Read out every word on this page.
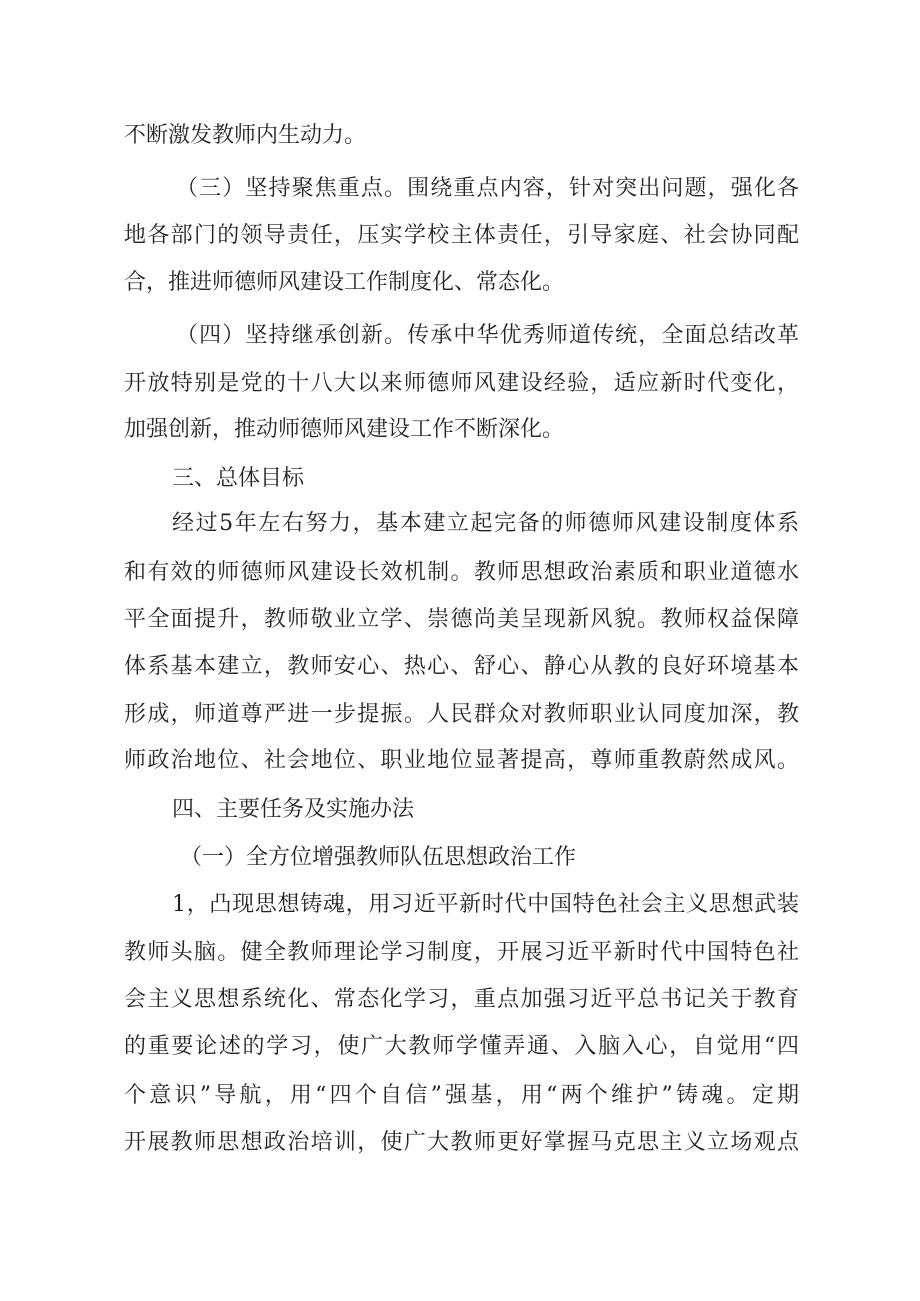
不断激发教师内生动力。
（三）坚持聚焦重点。围绕重点内容，针对突出问题，强化各
地各部门的领导责任，压实学校主体责任，引导家庭、社会协同配
合，推进师德师风建设工作制度化、常态化。
（四）坚持继承创新。传承中华优秀师道传统，全面总结改革
开放特别是党的十八大以来师德师风建设经验，适应新时代变化，
加强创新，推动师德师风建设工作不断深化。
三、总体目标
经过5年左右努力，基本建立起完备的师德师风建设制度体系
和有效的师德师风建设长效机制。教师思想政治素质和职业道德水
平全面提升，教师敬业立学、崇德尚美呈现新风貌。教师权益保障
体系基本建立，教师安心、热心、舒心、静心从教的良好环境基本
形成，师道尊严进一步提振。人民群众对教师职业认同度加深，教
师政治地位、社会地位、职业地位显著提高，尊师重教蔚然成风。
四、主要任务及实施办法
（一）全方位增强教师队伍思想政治工作
1，凸现思想铸魂，用习近平新时代中国特色社会主义思想武装
教师头脑。健全教师理论学习制度，开展习近平新时代中国特色社
会主义思想系统化、常态化学习，重点加强习近平总书记关于教育
的重要论述的学习，使广大教师学懂弄通、入脑入心，自觉用“四
个意识”导航，用“四个自信”强基，用“两个维护”铸魂。定期
开展教师思想政治培训，使广大教师更好掌握马克思主义立场观点
